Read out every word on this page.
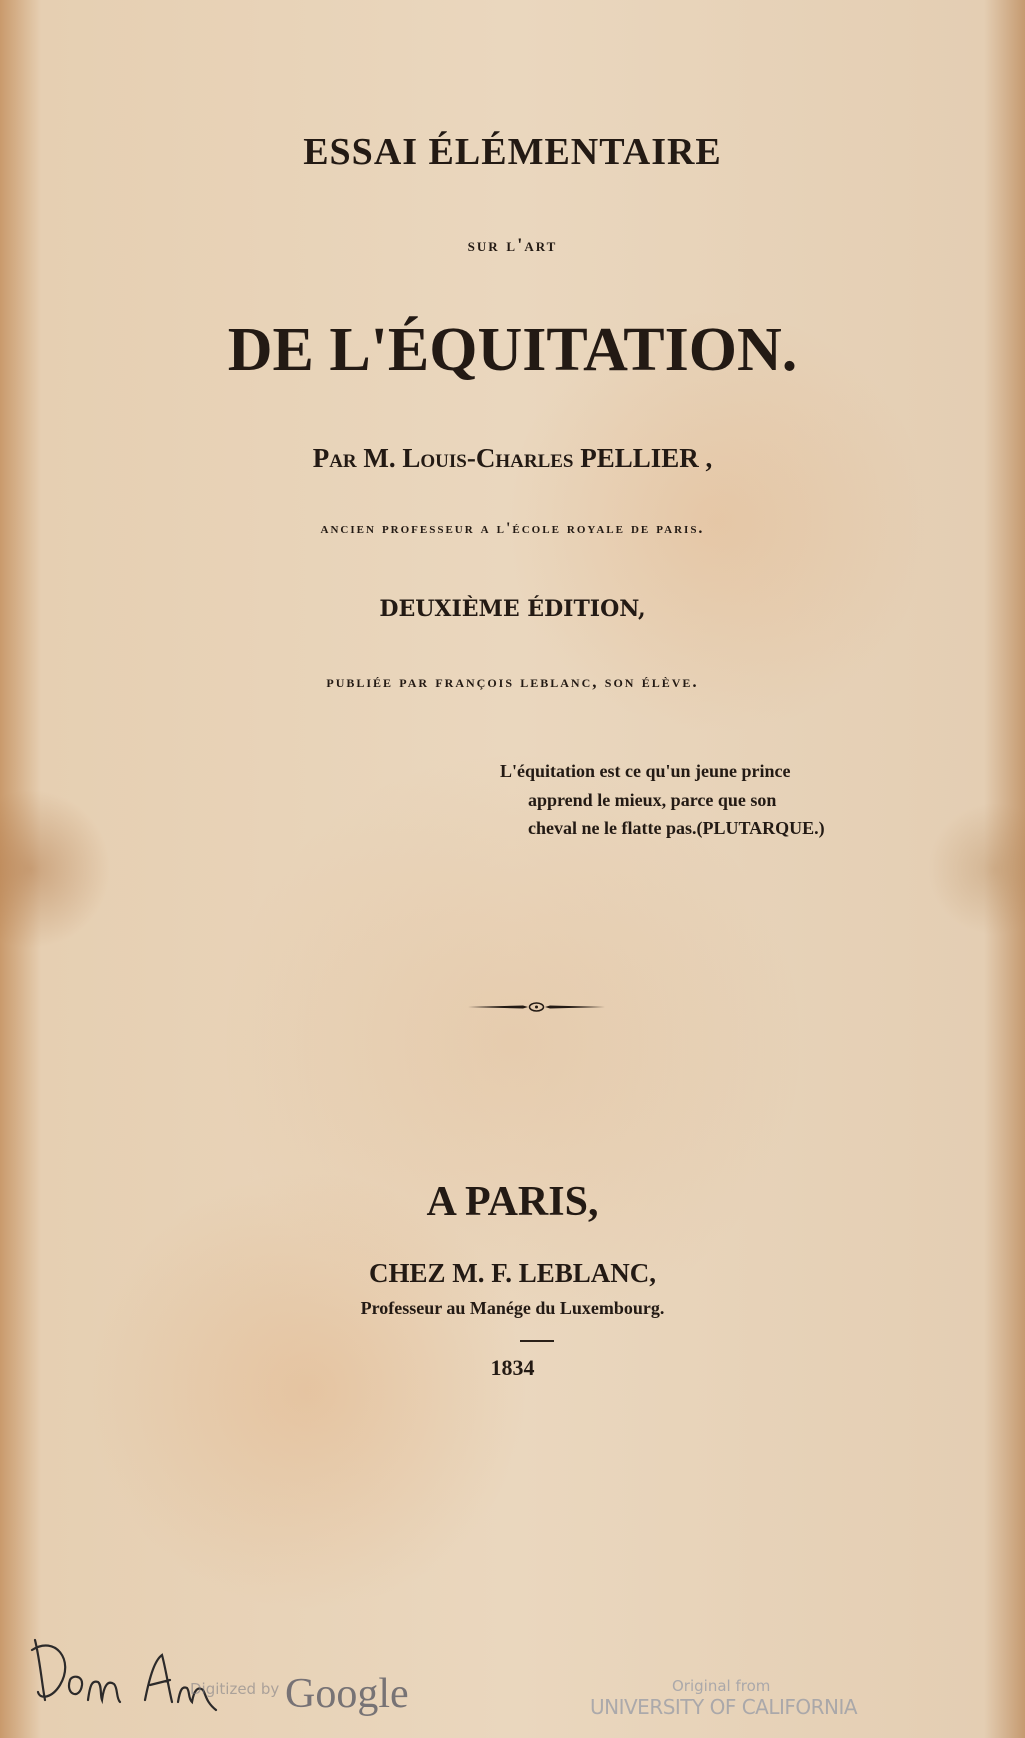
ESSAI ÉLÉMENTAIRE
sur l'art
DE L'ÉQUITATION.
Par M. Louis-Charles PELLIER ,
ancien professeur a l'école royale de paris.
DEUXIÈME ÉDITION,
publiée par françois leblanc, son élève.
L'équitation est ce qu'un jeune prince
apprend le mieux, parce que son
cheval ne le flatte pas.(PLUTARQUE.)
A PARIS,
CHEZ M. F. LEBLANC,
Professeur au Manége du Luxembourg.
1834
Digitized by Google	Original from
UNIVERSITY OF CALIFORNIA
